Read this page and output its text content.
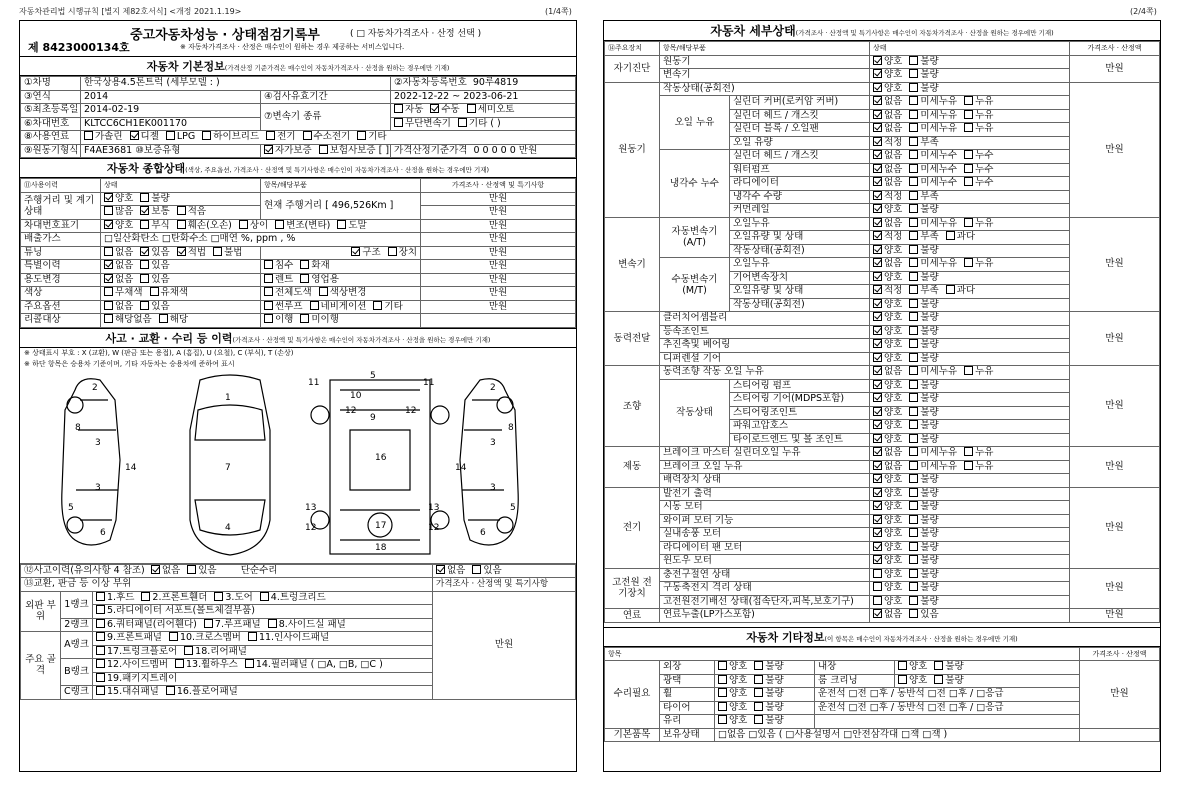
자동차관리법 시행규칙 [별지 제82호서식] <개정 2021.1.19>	(1/4쪽)	(2/4쪽)
중고자동차성능 · 상태점검기록부	( □ 자동차가격조사 · 산정 선택 )
제 8423000134호	※ 자동차가격조사 · 산정은 매수인이 원하는 경우 제공하는 서비스입니다.
자동차 기본정보(가격산정 기준가격은 매수인이 자동차가격조사 · 산정을 원하는 경우에만 기재)
①차명	한국상용4.5톤트럭 (세부모델 : )		②자동차등록번호 90루4819
③연식	2014	④검사유효기간	2022-12-22 ~ 2023-06-21
⑤최초등록일	2014-02-19	⑦변속기 종류	자동 수동 세미오토
⑥차대번호	KLTCC6CH1EK001170		무단변속기 기타 ( )
⑧사용연료	가솔린 디젤 LPG 하이브리드 전기 수소전기 기타		
⑨원동기형식	F4AE3681 ⑩보증유형	자가보증 보험사보증 [ ]	가격산정기준가격 0 0 0 0 0 만원
자동차 종합상태(색상, 주요옵션, 가격조사 · 산정액 및 특기사항은 매수인이 자동차가격조사 · 산정을 원하는 경우에만 기재)
⑪사용이력	상태	항목/해당부품	가격조사 · 산정액 및 특기사항
주행거리 및 계기상태	양호 불량	현재 주행거리 [ 496,526Km ]	만원
	많음 보통 적음		만원
차대번호표기	양호 부식 훼손(오손) 상이 변조(변타) 도말		만원
배출가스	□일산화탄소 □탄화수소 □매연 %, ppm , %		만원
튜닝	없음 있음 적법 불법	구조 장치	만원
특별이력	없음 있음	침수 화재	만원
용도변경	없음 있음	렌트 영업용	만원
색상	무채색 유채색	전체도색 색상변경	만원
주요옵션	없음 있음	썬루프 네비게이션 기타	만원
리콜대상	해당없음 해당	이행 미이행	
사고 · 교환 · 수리 등 이력(가격조사 · 산정액 및 특기사항은 매수인이 자동차가격조사 · 산정을 원하는 경우에만 기재)
※ 상태표시 부호 : X (교환), W (판금 또는 용접), A (흠집), U (요철), C (부식), T (손상)
※ 하단 항목은 승용차 기준이며, 기타 자동차는 승용차에 준하여 표시
2
8
3
14
3
5
6
1
7
4
11
5
10
12	12
9
11
16
13	13
12	12
17
18
2
8
3
14
3
5
6
⑫사고이력(유의사항 4 참조) 없음 있음 단순수리			없음 있음
⑬교환, 판금 등 이상 부위			가격조사 · 산정액 및 특기사항
외판 부위	1랭크	1.후드 2.프론트휀더 3.도어 4.트렁크리드	만원
		5.라디에이터 서포트(볼트체결부품)	
	2랭크	6.쿼터패널(리어휀다) 7.루프패널 8.사이드실 패널	
주요 골격	A랭크	9.프론트패널 10.크로스멤버 11.인사이드패널	
		17.트렁크플로어 18.리어패널	
	B랭크	12.사이드멤버 13.휠하우스 14.필러패널 ( □A, □B, □C )	
		19.패키지트레이	
	C랭크	15.대쉬패널 16.플로어패널	
자동차 세부상태(가격조사 · 산정액 및 특기사항은 매수인이 자동차가격조사 · 산정을 원하는 경우에만 기재)
⑭주요장치	항목/해당부품		상태	가격조사 · 산정액
자기진단	원동기		양호 불량	만원
	변속기		양호 불량	
원동기	작동상태(공회전)		양호 불량	만원
	오일 누유	실린더 커버(로커암 커버)	없음 미세누유 누유	
		실린더 헤드 / 개스킷	없음 미세누유 누유	
		실린더 블록 / 오일팬	없음 미세누유 누유	
		오일 유량	적정 부족	
	냉각수 누수	실린더 헤드 / 개스킷	없음 미세누수 누수	
		워터펌프	없음 미세누수 누수	
		라디에이터	없음 미세누수 누수	
		냉각수 수량	적정 부족	
		커먼레일	양호 불량	
변속기	자동변속기 (A/T)	오일누유	없음 미세누유 누유	만원
		오일유량 및 상태	적정 부족 과다	
		작동상태(공회전)	양호 불량	
	수동변속기 (M/T)	오일누유	없음 미세누유 누유	
		기어변속장치	양호 불량	
		오일유량 및 상태	적정 부족 과다	
		작동상태(공회전)	양호 불량	
동력전달	클러치어셈블리		양호 불량	만원
	등속조인트		양호 불량	
	추진축및 베어링		양호 불량	
	디퍼렌셜 기어		양호 불량	
조향	동력조향 작동 오일 누유		없음 미세누유 누유	만원
	작동상태	스티어링 펌프	양호 불량	
		스티어링 기어(MDPS포함)	양호 불량	
		스티어링조인트	양호 불량	
		파워고압호스	양호 불량	
		타이로드엔드 및 볼 조인트	양호 불량	
제동	브레이크 마스터 실린더오일 누유		없음 미세누유 누유	만원
	브레이크 오일 누유		없음 미세누유 누유	
	배력장치 상태		양호 불량	
전기	발전기 출력		양호 불량	만원
	시동 모터		양호 불량	
	와이퍼 모터 기능		양호 불량	
	실내송풍 모터		양호 불량	
	라디에이터 팬 모터		양호 불량	
	윈도우 모터		양호 불량	
고전원 전기장치	충전구절연 상태		양호 불량	만원
	구동축전지 격리 상태		양호 불량	
	고전원전기배선 상태(접속단자,피복,보호기구)		양호 불량	
연료	연료누출(LP가스포함)		없음 있음	만원
자동차 기타정보(이 항목은 매수인이 자동차가격조사 · 산정을 원하는 경우에만 기재)
항목					가격조사 · 산정액
수리필요	외장	양호 불량	내장	양호 불량	만원
	광택	양호 불량	룸 크리닝	양호 불량	
	휠	양호 불량	운전석 □전 □후 / 동반석 □전 □후 / □응급		
	타이어	양호 불량	운전석 □전 □후 / 동반석 □전 □후 / □응급		
	유리	양호 불량			
기본품목	보유상태	□없음 □있음 ( □사용설명서 □안전삼각대 □잭 □잭 )			
